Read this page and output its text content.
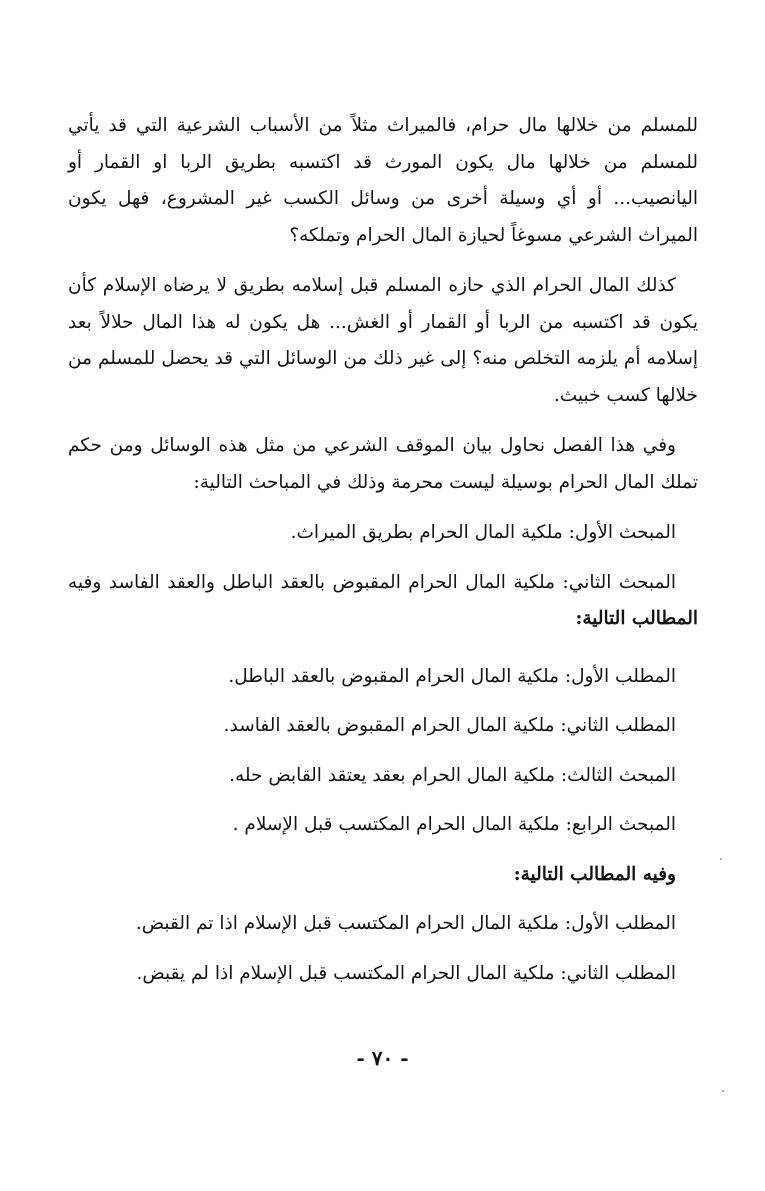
للمسلم من خلالها مال حرام، فالميراث مثلاً من الأسباب الشرعية التي قد يأتي للمسلم من خلالها مال يكون المورث قد اكتسبه بطريق الربا او القمار أو اليانصيب... أو أي وسيلة أخرى من وسائل الكسب غير المشروع، فهل يكون الميراث الشرعي مسوغاً لحيازة المال الحرام وتملكه؟

كذلك المال الحرام الذي حازه المسلم قبل إسلامه بطريق لا يرضاه الإسلام كأن يكون قد اكتسبه من الربا أو القمار أو الغش... هل يكون له هذا المال حلالاً بعد إسلامه أم يلزمه التخلص منه؟ إلى غير ذلك من الوسائل التي قد يحصل للمسلم من خلالها كسب خبيث.

وفي هذا الفصل نحاول بيان الموقف الشرعي من مثل هذه الوسائل ومن حكم تملك المال الحرام بوسيلة ليست محرمة وذلك في المباحث التالية:

المبحث الأول: ملكية المال الحرام بطريق الميراث.

المبحث الثاني: ملكية المال الحرام المقبوض بالعقد الباطل والعقد الفاسد وفيه المطالب التالية:

المطلب الأول: ملكية المال الحرام المقبوض بالعقد الباطل.

المطلب الثاني: ملكية المال الحرام المقبوض بالعقد الفاسد.

المبحث الثالث: ملكية المال الحرام بعقد يعتقد القابض حله.

المبحث الرابع: ملكية المال الحرام المكتسب قبل الإسلام .

وفيه المطالب التالية:

المطلب الأول: ملكية المال الحرام المكتسب قبل الإسلام اذا تم القبض.

المطلب الثاني: ملكية المال الحرام المكتسب قبل الإسلام اذا لم يقبض.

- ٧٠ -
